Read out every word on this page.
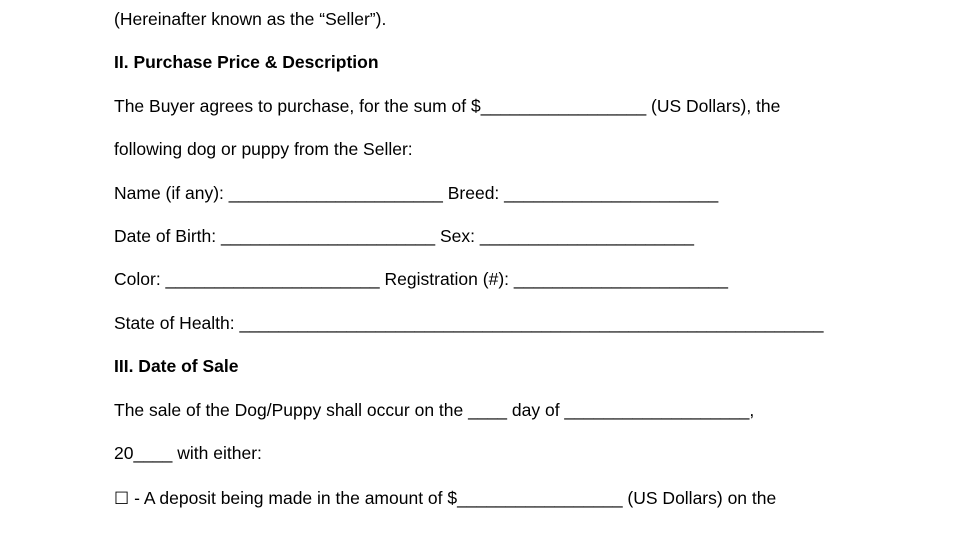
(Hereinafter known as the “Seller”).
II. Purchase Price & Description
The Buyer agrees to purchase, for the sum of $_________________ (US Dollars), the
following dog or puppy from the Seller:
Name (if any): ______________________ Breed: ______________________
Date of Birth: ______________________ Sex: ______________________
Color: ______________________ Registration (#): ______________________
State of Health: ____________________________________________________________
III. Date of Sale
The sale of the Dog/Puppy shall occur on the ____ day of ___________________,
20____ with either:
☐ - A deposit being made in the amount of $_________________ (US Dollars) on the
